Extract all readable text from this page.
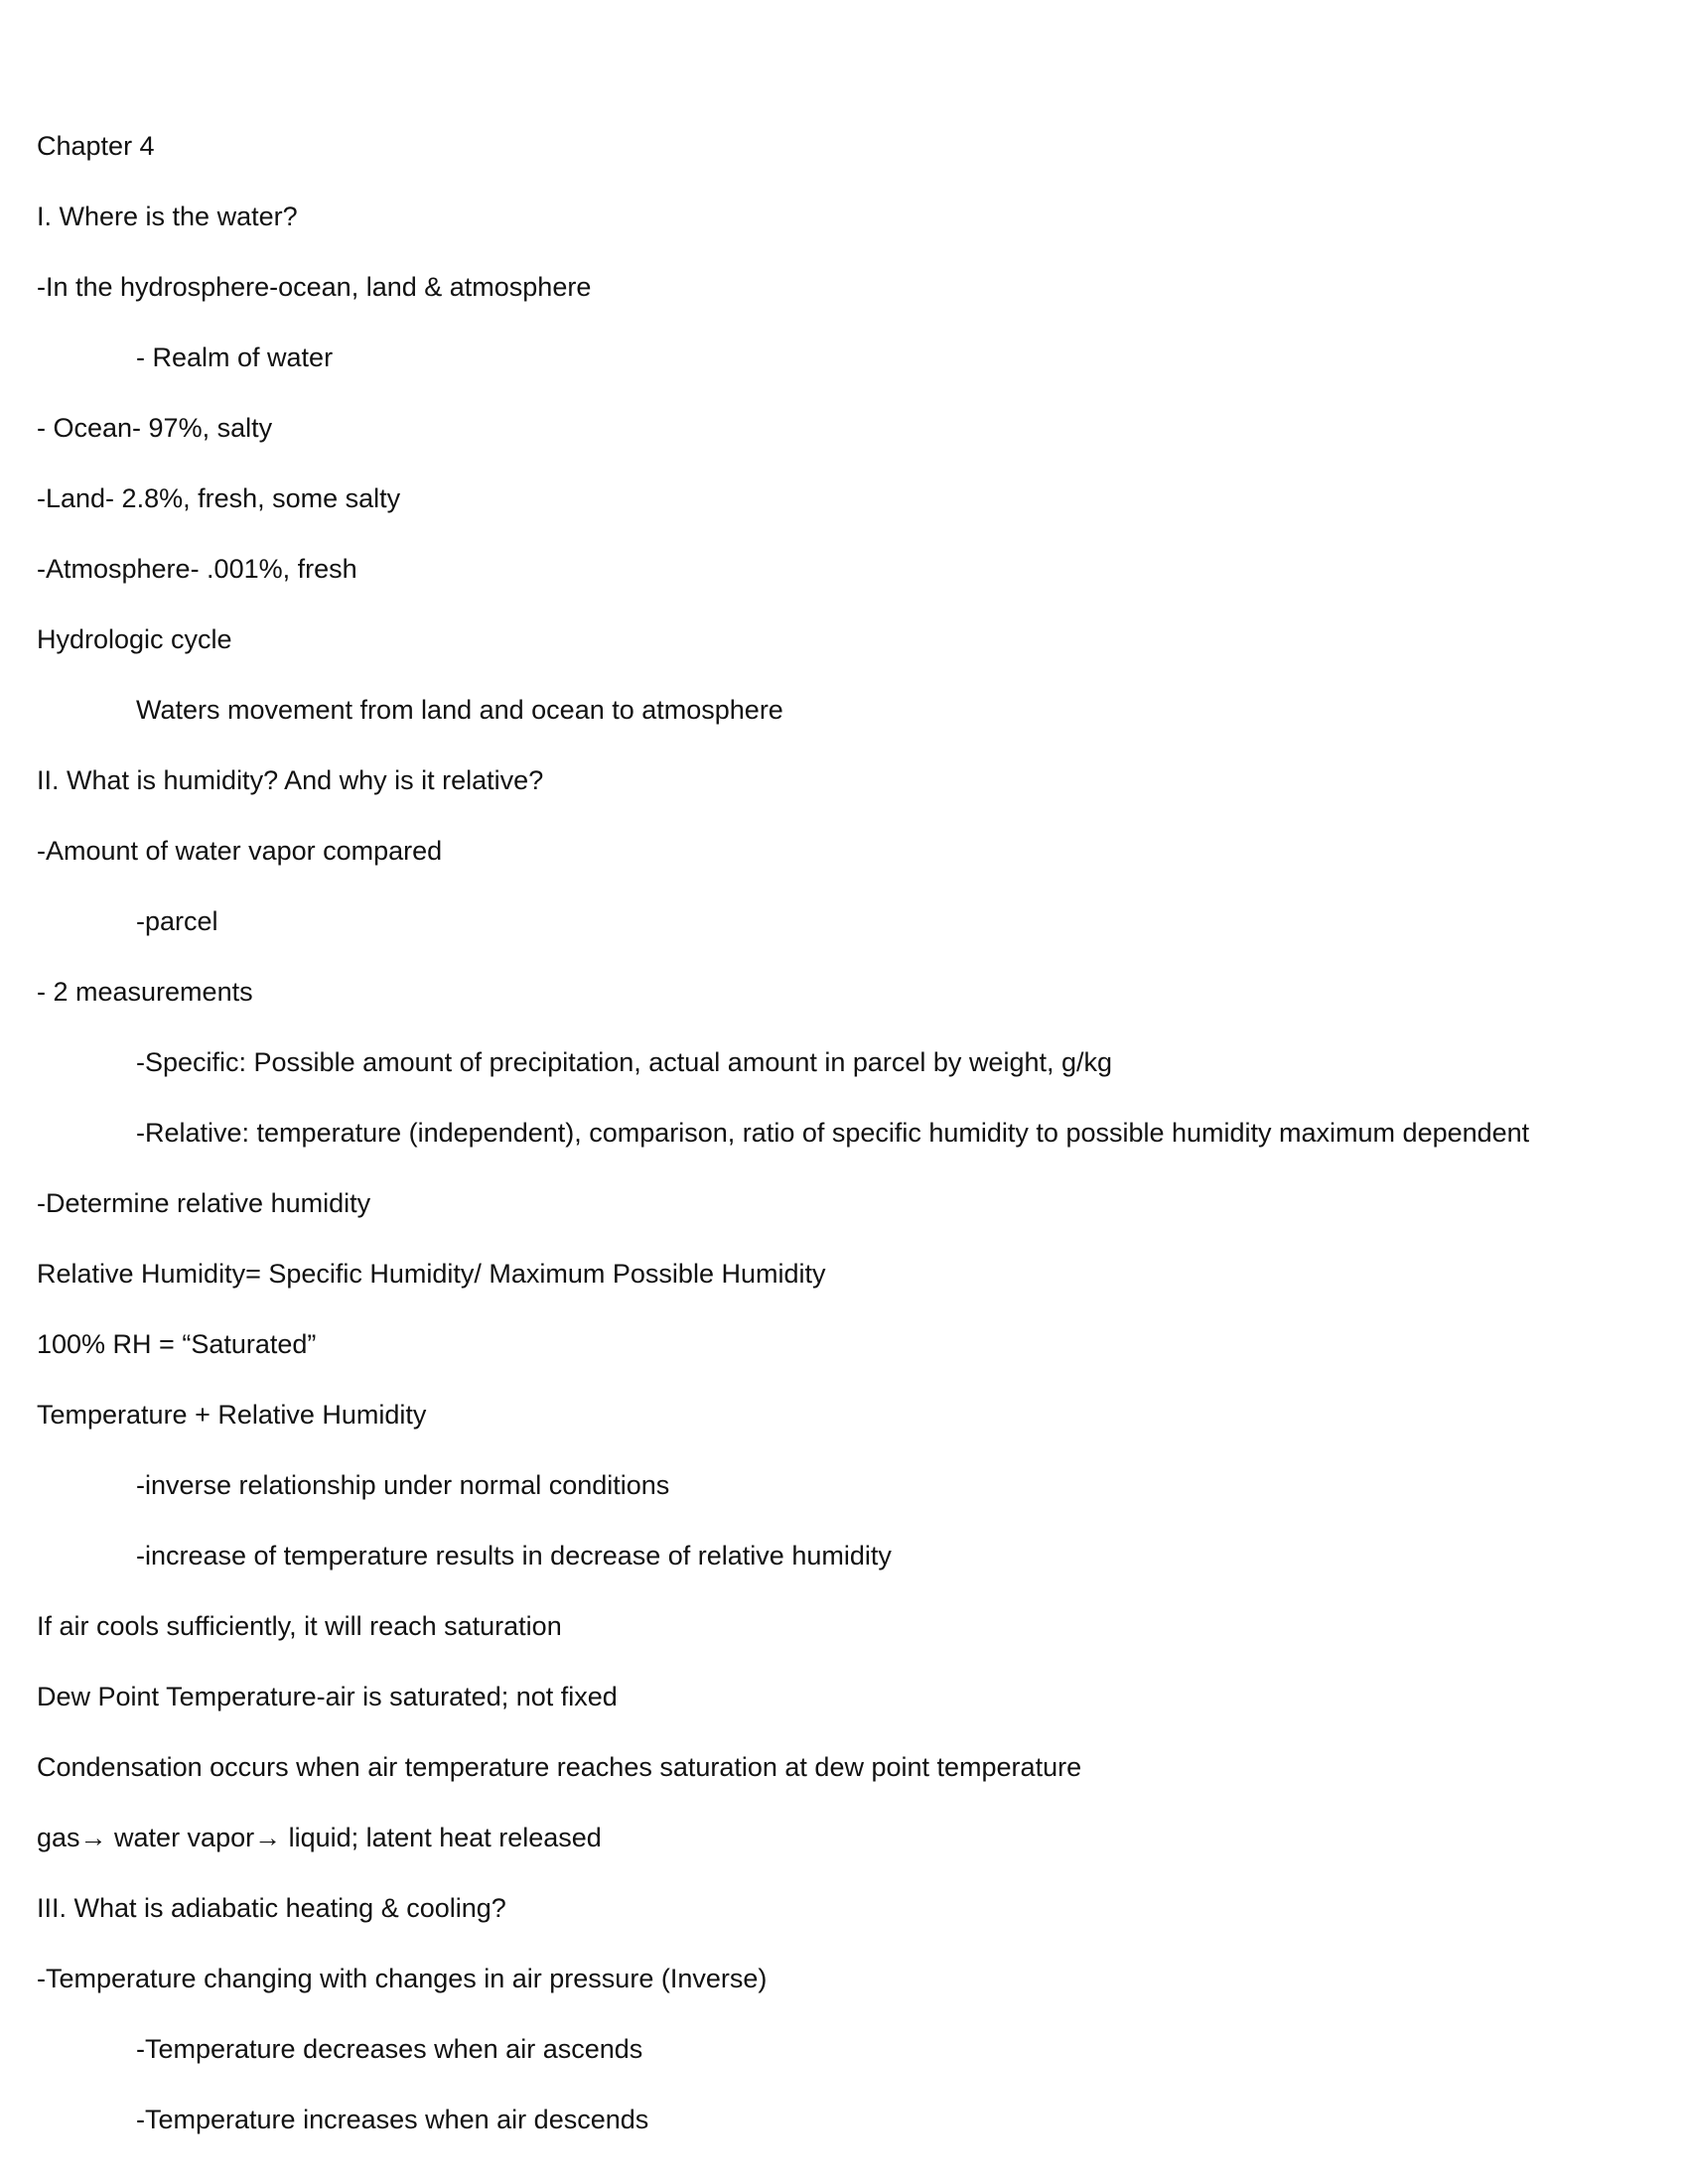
Chapter 4
I. Where is the water?
-In the hydrosphere-ocean, land & atmosphere
- Realm of water
- Ocean- 97%, salty
-Land- 2.8%, fresh, some salty
-Atmosphere- .001%, fresh
Hydrologic cycle
Waters movement from land and ocean to atmosphere
II. What is humidity? And why is it relative?
-Amount of water vapor compared
-parcel
- 2 measurements
-Specific: Possible amount of precipitation, actual amount in parcel by weight, g/kg
-Relative: temperature (independent), comparison, ratio of specific humidity to possible humidity maximum dependent
-Determine relative humidity
Relative Humidity= Specific Humidity/ Maximum Possible Humidity
100% RH = “Saturated”
Temperature + Relative Humidity
-inverse relationship under normal conditions
-increase of temperature results in decrease of relative humidity
If air cools sufficiently, it will reach saturation
Dew Point Temperature-air is saturated; not fixed
Condensation occurs when air temperature reaches saturation at dew point temperature
gas→ water vapor→ liquid; latent heat released
III. What is adiabatic heating & cooling?
-Temperature changing with changes in air pressure (Inverse)
-Temperature decreases when air ascends
-Temperature increases when air descends
